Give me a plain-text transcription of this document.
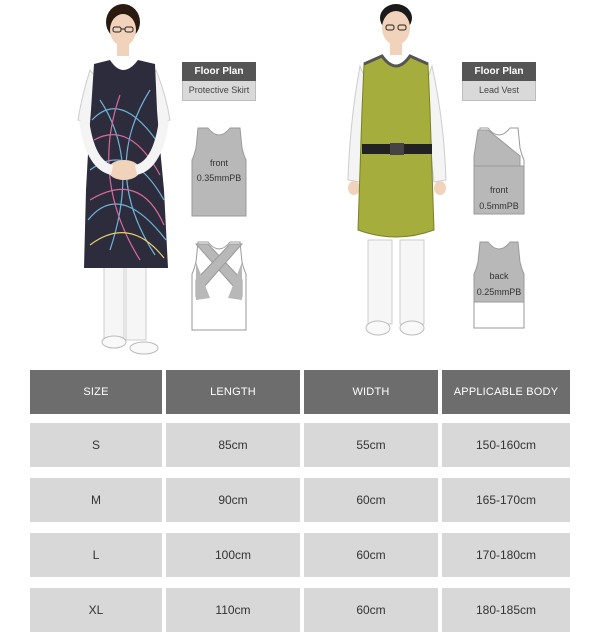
Floor Plan
Protective Skirt
front
0.35mmPB
Floor Plan
Lead Vest
front
0.5mmPB
back
0.25mmPB
SIZE	LENGTH	WIDTH	APPLICABLE BODY
S	85cm	55cm	150-160cm
M	90cm	60cm	165-170cm
L	100cm	60cm	170-180cm
XL	110cm	60cm	180-185cm
